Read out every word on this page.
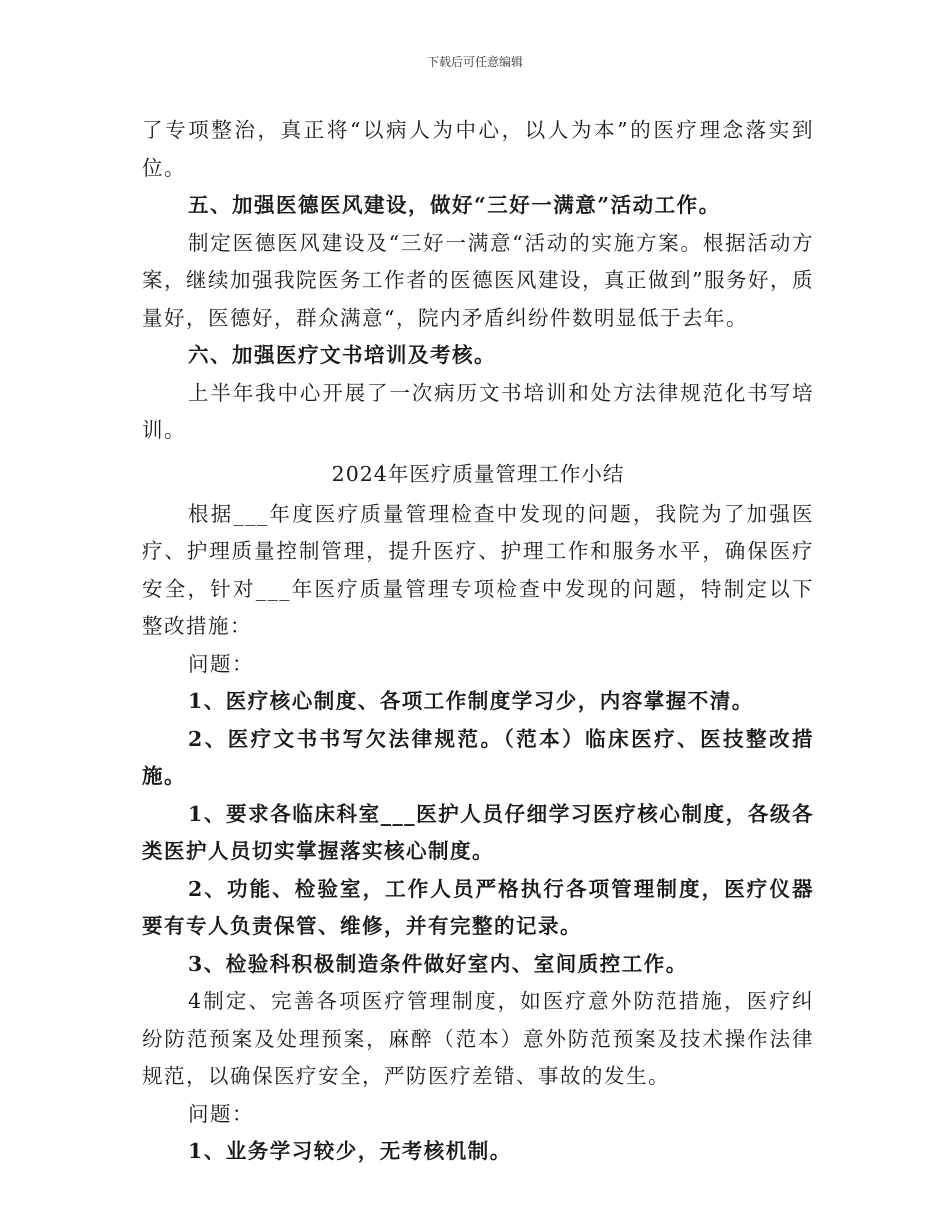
下载后可任意编辑

了专项整治，真正将“以病人为中心，以人为本”的医疗理念落实到位。

五、加强医德医风建设，做好“三好一满意”活动工作。

制定医德医风建设及“三好一满意“活动的实施方案。根据活动方案，继续加强我院医务工作者的医德医风建设，真正做到”服务好，质量好，医德好，群众满意“，院内矛盾纠纷件数明显低于去年。

六、加强医疗文书培训及考核。

上半年我中心开展了一次病历文书培训和处方法律规范化书写培训。

2024年医疗质量管理工作小结

根据___年度医疗质量管理检查中发现的问题，我院为了加强医疗、护理质量控制管理，提升医疗、护理工作和服务水平，确保医疗安全，针对___年医疗质量管理专项检查中发现的问题，特制定以下整改措施：

问题：

1、医疗核心制度、各项工作制度学习少，内容掌握不清。

2、医疗文书书写欠法律规范。（范本）临床医疗、医技整改措施。

1、要求各临床科室___医护人员仔细学习医疗核心制度，各级各类医护人员切实掌握落实核心制度。

2、功能、检验室，工作人员严格执行各项管理制度，医疗仪器要有专人负责保管、维修，并有完整的记录。

3、检验科积极制造条件做好室内、室间质控工作。

4制定、完善各项医疗管理制度，如医疗意外防范措施，医疗纠纷防范预案及处理预案，麻醉（范本）意外防范预案及技术操作法律规范，以确保医疗安全，严防医疗差错、事故的发生。

问题：

1、业务学习较少，无考核机制。
